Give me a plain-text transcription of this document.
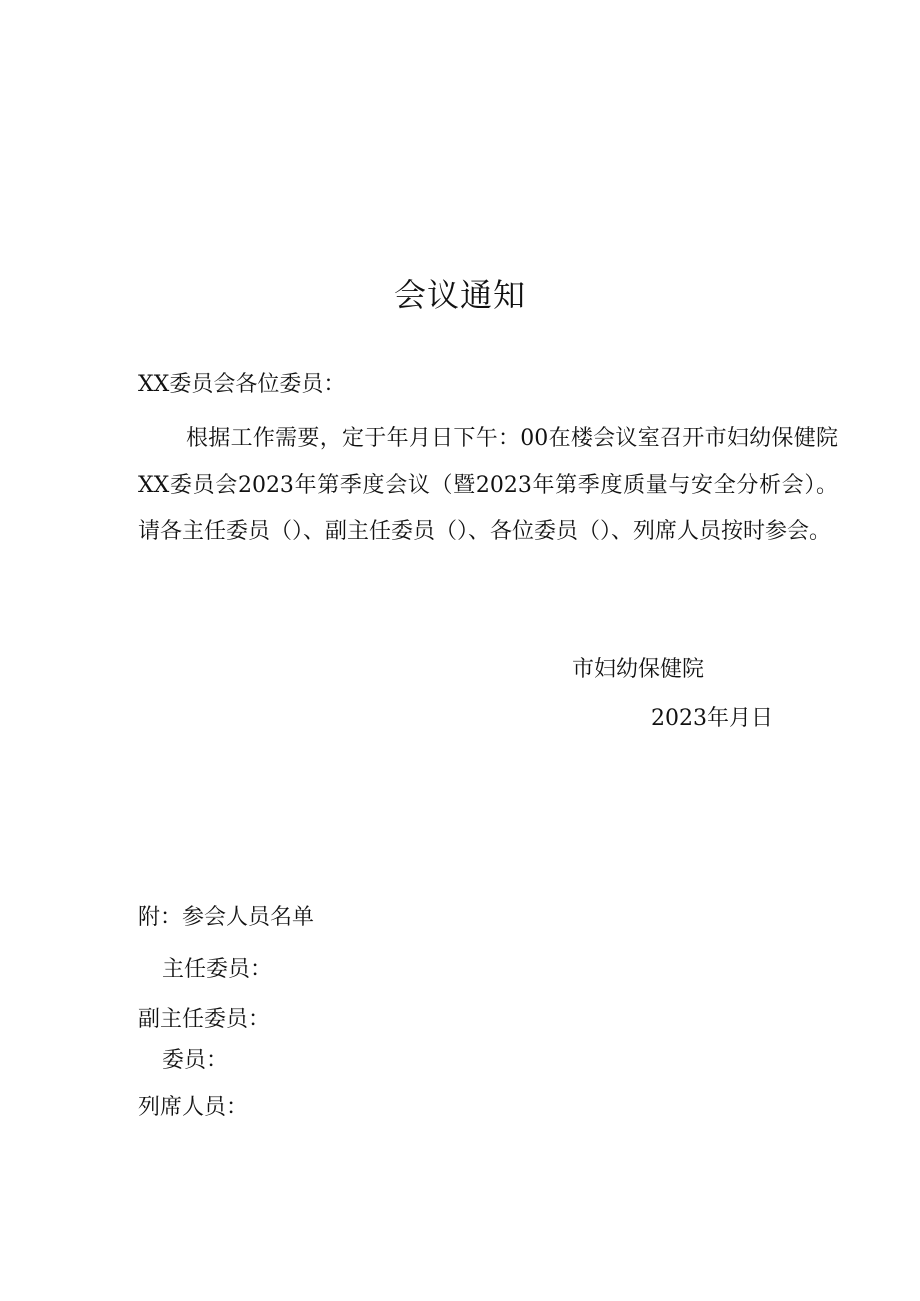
会议通知
XX委员会各位委员：
根据工作需要，定于年月日下午：00在楼会议室召开市妇幼保健院XX委员会2023年第季度会议（暨2023年第季度质量与安全分析会）。请各主任委员（）、副主任委员（）、各位委员（）、列席人员按时参会。
市妇幼保健院
2023年月日
附：参会人员名单
主任委员：
副主任委员：
委员：
列席人员：
